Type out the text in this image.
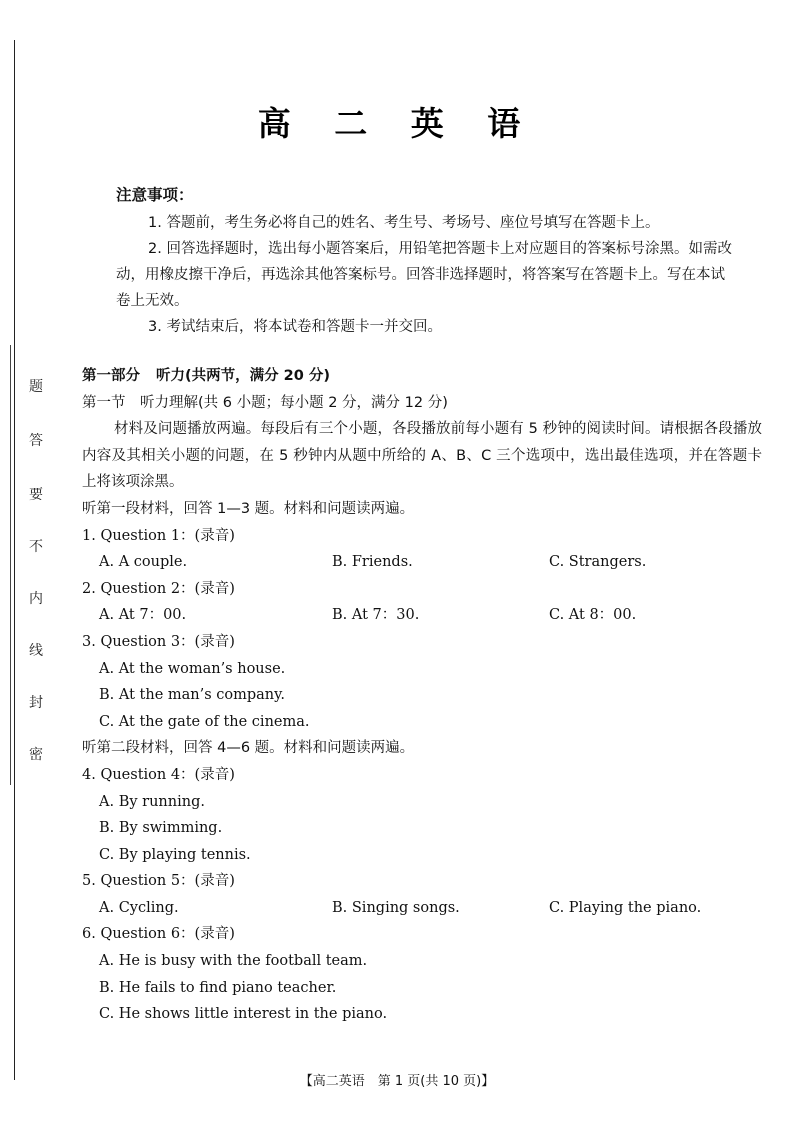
题
答
要
不
内
线
封
密
高 二 英 语
注意事项：
1. 答题前，考生务必将自己的姓名、考生号、考场号、座位号填写在答题卡上。
2. 回答选择题时，选出每小题答案后，用铅笔把答题卡上对应题目的答案标号涂黑。如需改动，用橡皮擦干净后，再选涂其他答案标号。回答非选择题时，将答案写在答题卡上。写在本试卷上无效。
3. 考试结束后，将本试卷和答题卡一并交回。
第一部分 听力(共两节，满分 20 分)
第一节　听力理解(共 6 小题；每小题 2 分，满分 12 分)
材料及问题播放两遍。每段后有三个小题，各段播放前每小题有 5 秒钟的阅读时间。请根据各段播放内容及其相关小题的问题，在 5 秒钟内从题中所给的 A、B、C 三个选项中，选出最佳选项，并在答题卡上将该项涂黑。
听第一段材料，回答 1—3 题。材料和问题读两遍。
1. Question 1：(录音)
A. A couple.	B. Friends.	C. Strangers.
2. Question 2：(录音)
A. At 7：00.	B. At 7：30.	C. At 8：00.
3. Question 3：(录音)
A. At the woman’s house.
B. At the man’s company.
C. At the gate of the cinema.
听第二段材料，回答 4—6 题。材料和问题读两遍。
4. Question 4：(录音)
A. By running.
B. By swimming.
C. By playing tennis.
5. Question 5：(录音)
A. Cycling.	B. Singing songs.	C. Playing the piano.
6. Question 6：(录音)
A. He is busy with the football team.
B. He fails to find piano teacher.
C. He shows little interest in the piano.
【高二英语　第 1 页(共 10 页)】
